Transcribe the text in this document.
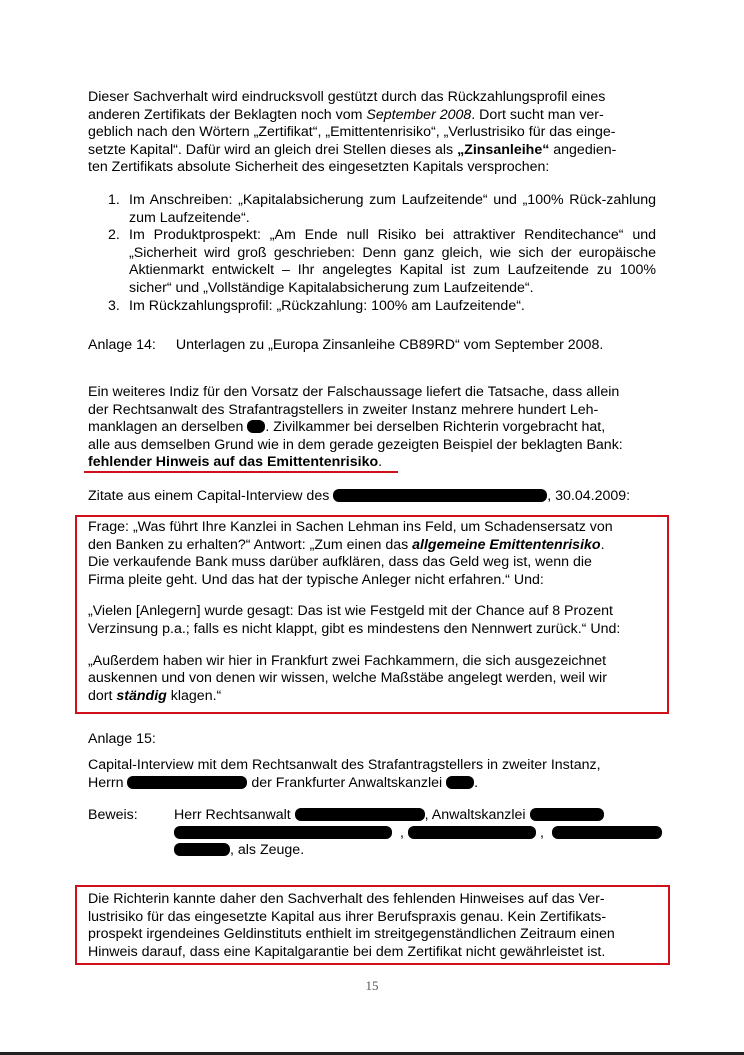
Dieser Sachverhalt wird eindrucksvoll gestützt durch das Rückzahlungsprofil eines
anderen Zertifikats der Beklagten noch vom September 2008. Dort sucht man ver-
geblich nach den Wörtern „Zertifikat“, „Emittentenrisiko“, „Verlustrisiko für das einge-
setzte Kapital“. Dafür wird an gleich drei Stellen dieses als „Zinsanleihe“ angedien-
ten Zertifikats absolute Sicherheit des eingesetzten Kapitals versprochen:
1. Im Anschreiben: „Kapitalabsicherung zum Laufzeitende“ und „100% Rück-zahlung zum Laufzeitende“.
2. Im Produktprospekt: „Am Ende null Risiko bei attraktiver Renditechance“ und „Sicherheit wird groß geschrieben: Denn ganz gleich, wie sich der europäische Aktienmarkt entwickelt – Ihr angelegtes Kapital ist zum Laufzeitende zu 100% sicher“ und „Vollständige Kapitalabsicherung zum Laufzeitende“.
3. Im Rückzahlungsprofil: „Rückzahlung: 100% am Laufzeitende“.
Anlage 14: Unterlagen zu „Europa Zinsanleihe CB89RD“ vom September 2008.
Ein weiteres Indiz für den Vorsatz der Falschaussage liefert die Tatsache, dass allein
der Rechtsanwalt des Strafantragstellers in zweiter Instanz mehrere hundert Leh-
manklagen an derselben . Zivilkammer bei derselben Richterin vorgebracht hat,
alle aus demselben Grund wie in dem gerade gezeigten Beispiel der beklagten Bank:
fehlender Hinweis auf das Emittentenrisiko.
Zitate aus einem Capital-Interview des	, 30.04.2009:
Frage: „Was führt Ihre Kanzlei in Sachen Lehman ins Feld, um Schadensersatz von
den Banken zu erhalten?“ Antwort: „Zum einen das allgemeine Emittentenrisiko.
Die verkaufende Bank muss darüber aufklären, dass das Geld weg ist, wenn die
Firma pleite geht. Und das hat der typische Anleger nicht erfahren.“ Und:
„Vielen [Anlegern] wurde gesagt: Das ist wie Festgeld mit der Chance auf 8 Prozent
Verzinsung p.a.; falls es nicht klappt, gibt es mindestens den Nennwert zurück.“ Und:
„Außerdem haben wir hier in Frankfurt zwei Fachkammern, die sich ausgezeichnet
auskennen und von denen wir wissen, welche Maßstäbe angelegt werden, weil wir
dort ständig klagen.“
Anlage 15:
Capital-Interview mit dem Rechtsanwalt des Strafantragstellers in zweiter Instanz,
Herrn	der Frankfurter Anwaltskanzlei .
Beweis:	Herr Rechtsanwalt	, Anwaltskanzlei
,	,
, als Zeuge.
Die Richterin kannte daher den Sachverhalt des fehlenden Hinweises auf das Ver-
lustrisiko für das eingesetzte Kapital aus ihrer Berufspraxis genau. Kein Zertifikats-
prospekt irgendeines Geldinstituts enthielt im streitgegenständlichen Zeitraum einen
Hinweis darauf, dass eine Kapitalgarantie bei dem Zertifikat nicht gewährleistet ist.
15
